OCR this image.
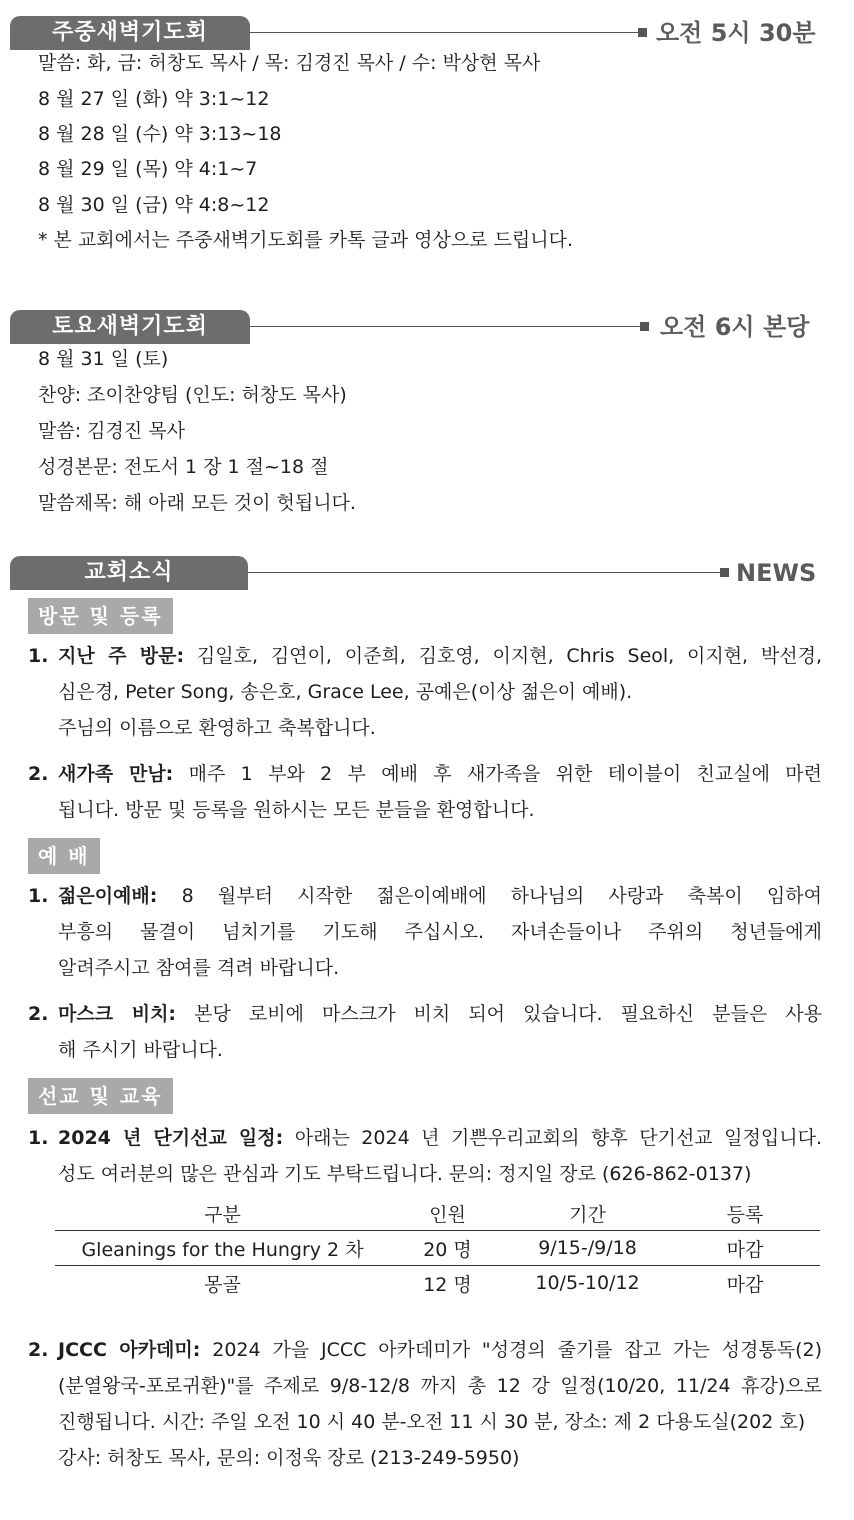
주중새벽기도회	오전 5시 30분
말씀: 화, 금: 허창도 목사 / 목: 김경진 목사 / 수: 박상현 목사
8 월 27 일 (화) 약 3:1~12
8 월 28 일 (수) 약 3:13~18
8 월 29 일 (목) 약 4:1~7
8 월 30 일 (금) 약 4:8~12
* 본 교회에서는 주중새벽기도회를 카톡 글과 영상으로 드립니다.
토요새벽기도회	오전 6시 본당
8 월 31 일 (토)
찬양: 조이찬양팀 (인도: 허창도 목사)
말씀: 김경진 목사
성경본문: 전도서 1 장 1 절~18 절
말씀제목: 해 아래 모든 것이 헛됩니다.
교회소식	NEWS
방문 및 등록
1. 지난 주 방문: 김일호, 김연이, 이준희, 김호영, 이지현, Chris Seol, 이지현, 박선경,
심은경, Peter Song, 송은호, Grace Lee, 공예은(이상 젊은이 예배).
주님의 이름으로 환영하고 축복합니다.
2. 새가족 만남: 매주 1 부와 2 부 예배 후 새가족을 위한 테이블이 친교실에 마련
됩니다. 방문 및 등록을 원하시는 모든 분들을 환영합니다.
예 배
1. 젊은이예배: 8 월부터 시작한 젊은이예배에 하나님의 사랑과 축복이 임하여
부흥의 물결이 넘치기를 기도해 주십시오. 자녀손들이나 주위의 청년들에게
알려주시고 참여를 격려 바랍니다.
2. 마스크 비치: 본당 로비에 마스크가 비치 되어 있습니다. 필요하신 분들은 사용
해 주시기 바랍니다.
선교 및 교육
1. 2024 년 단기선교 일정: 아래는 2024 년 기쁜우리교회의 향후 단기선교 일정입니다.
성도 여러분의 많은 관심과 기도 부탁드립니다. 문의: 정지일 장로 (626-862-0137)
구분	인원	기간	등록
Gleanings for the Hungry 2 차	20 명	9/15-/9/18	마감
몽골	12 명	10/5-10/12	마감
2. JCCC 아카데미: 2024 가을 JCCC 아카데미가 "성경의 줄기를 잡고 가는 성경통독(2)
(분열왕국-포로귀환)"를 주제로 9/8-12/8 까지 총 12 강 일정(10/20, 11/24 휴강)으로
진행됩니다. 시간: 주일 오전 10 시 40 분-오전 11 시 30 분, 장소: 제 2 다용도실(202 호)
강사: 허창도 목사, 문의: 이정욱 장로 (213-249-5950)
